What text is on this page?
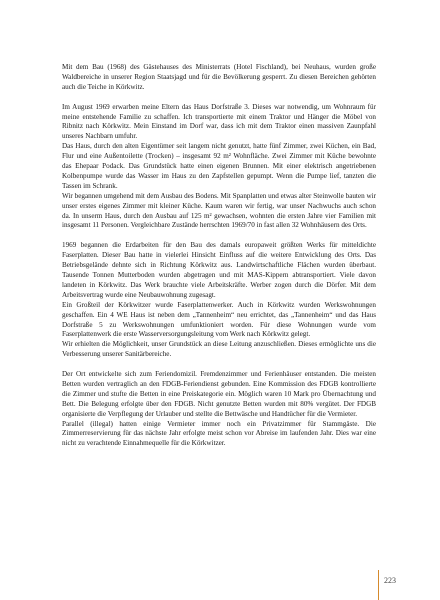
Mit dem Bau (1968) des Gästehauses des Ministerrats (Hotel Fischland), bei Neuhaus, wurden große Waldbereiche in unserer Region Staatsjagd und für die Bevölkerung gesperrt. Zu diesen Bereichen gehörten auch die Teiche in Körkwitz.

Im August 1969 erwarben meine Eltern das Haus Dorfstraße 3. Dieses war notwendig, um Wohnraum für meine entstehende Familie zu schaffen. Ich transportierte mit einem Traktor und Hänger die Möbel von Ribnitz nach Körkwitz. Mein Einstand im Dorf war, dass ich mit dem Traktor einen massiven Zaunpfahl unseres Nachbarn umfuhr.

Das Haus, durch den alten Eigentümer seit langem nicht genutzt, hatte fünf Zimmer, zwei Küchen, ein Bad, Flur und eine Außentoilette (Trocken) – insgesamt 92 m² Wohnfläche. Zwei Zimmer mit Küche bewohnte das Ehepaar Podack. Das Grundstück hatte einen eigenen Brunnen. Mit einer elektrisch angetriebenen Kolbenpumpe wurde das Wasser im Haus zu den Zapfstellen gepumpt. Wenn die Pumpe lief, tanzten die Tassen im Schrank.

Wir begannen umgehend mit dem Ausbau des Bodens. Mit Spanplatten und etwas alter Steinwolle bauten wir unser erstes eigenes Zimmer mit kleiner Küche. Kaum waren wir fertig, war unser Nachwuchs auch schon da. In unserm Haus, durch den Ausbau auf 125 m² gewachsen, wohnten die ersten Jahre vier Familien mit insgesamt 11 Personen. Vergleichbare Zustände herrschten 1969/70 in fast allen 32 Wohnhäusern des Orts.

1969 begannen die Erdarbeiten für den Bau des damals europaweit größten Werks für mitteldichte Faserplatten. Dieser Bau hatte in vielerlei Hinsicht Einfluss auf die weitere Entwicklung des Orts. Das Betriebsgelände dehnte sich in Richtung Körkwitz aus. Landwirtschaftliche Flächen wurden überbaut. Tausende Tonnen Mutterboden wurden abgetragen und mit MAS-Kippern abtransportiert. Viele davon landeten in Körkwitz. Das Werk brauchte viele Arbeitskräfte. Werber zogen durch die Dörfer. Mit dem Arbeitsvertrag wurde eine Neubauwohnung zugesagt.

Ein Großteil der Körkwitzer wurde Faserplattenwerker. Auch in Körkwitz wurden Werkswohnungen geschaffen. Ein 4 WE Haus ist neben dem „Tannenheim“ neu errichtet, das „Tannenheim“ und das Haus Dorfstraße 5 zu Werkswohnungen umfunktioniert worden. Für diese Wohnungen wurde vom Faserplattenwerk die erste Wasserversorgungsleitung vom Werk nach Körkwitz gelegt.

Wir erhielten die Möglichkeit, unser Grundstück an diese Leitung anzuschließen. Dieses ermöglichte uns die Verbesserung unserer Sanitärbereiche.

Der Ort entwickelte sich zum Feriendomizil. Fremdenzimmer und Ferienhäuser entstanden. Die meisten Betten wurden vertraglich an den FDGB-Feriendienst gebunden. Eine Kommission des FDGB kontrollierte die Zimmer und stufte die Betten in eine Preiskategorie ein. Möglich waren 10 Mark pro Übernachtung und Bett. Die Belegung erfolgte über den FDGB. Nicht genutzte Betten wurden mit 80% vergütet. Der FDGB organisierte die Verpflegung der Urlauber und stellte die Bettwäsche und Handtücher für die Vermieter.

Parallel (illegal) hatten einige Vermieter immer noch ein Privatzimmer für Stammgäste. Die Zimmerreservierung für das nächste Jahr erfolgte meist schon vor Abreise im laufenden Jahr. Dies war eine nicht zu verachtende Einnahmequelle für die Körkwitzer.

223
